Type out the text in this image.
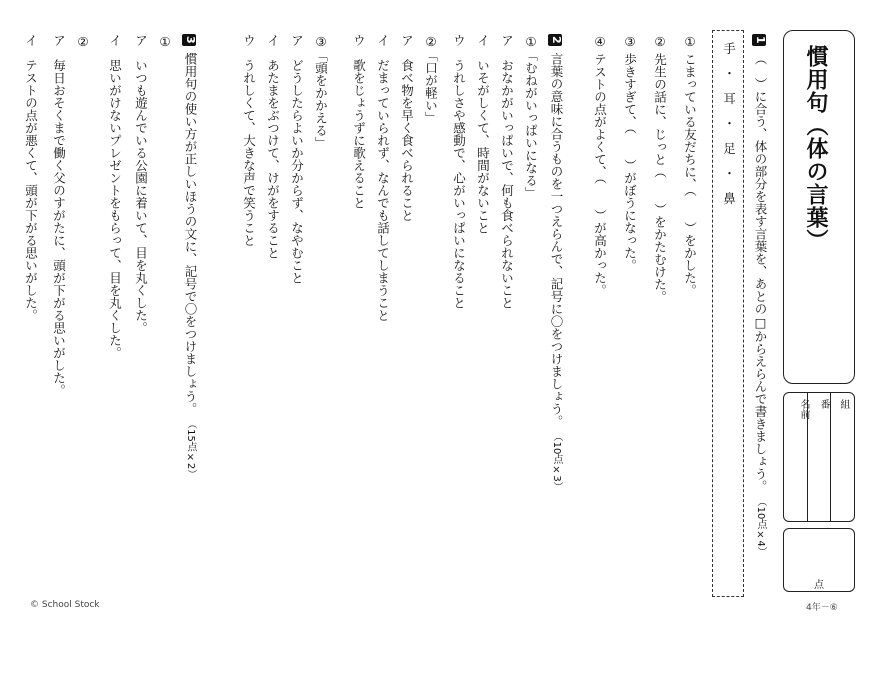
慣用句（体の言葉）
組
番
名前
点
1 （　）に合う、体の部分を表す言葉を、あとの□からえらんで書きましょう。 （10点×4）
① こまっている友だちに、（　　）をかした。
② 先生の話に、じっと（　　）をかたむけた。
③ 歩きすぎて、（　　）がぼうになった。
④ テストの点がよくて、（　　）が高かった。	手　・　耳　・　足　・　鼻
2 言葉の意味に合うものを一つえらんで、記号に〇をつけましょう。 （10点×3）
①「むねがいっぱいになる」
ア　おなかがいっぱいで、何も食べられないこと
イ　いそがしくて、時間がないこと
ウ　うれしさや感動で、心がいっぱいになること
②「口が軽い」
ア　食べ物を早く食べられること
イ　だまっていられず、なんでも話してしまうこと
ウ　歌をじょうずに歌えること
③「頭をかかえる」
ア　どうしたらよいか分からず、なやむこと
イ　あたまをぶつけて、けがをすること
ウ　うれしくて、大きな声で笑うこと
3 慣用句の使い方が正しいほうの文に、記号で〇をつけましょう。 （15点×2）
①
ア　いつも遊んでいる公園に着いて、目を丸くした。
イ　思いがけないプレゼントをもらって、目を丸くした。
②
ア　毎日おそくまで働く父のすがたに、頭が下がる思いがした。
イ　テストの点が悪くて、頭が下がる思いがした。
© School Stock	4年－⑥
